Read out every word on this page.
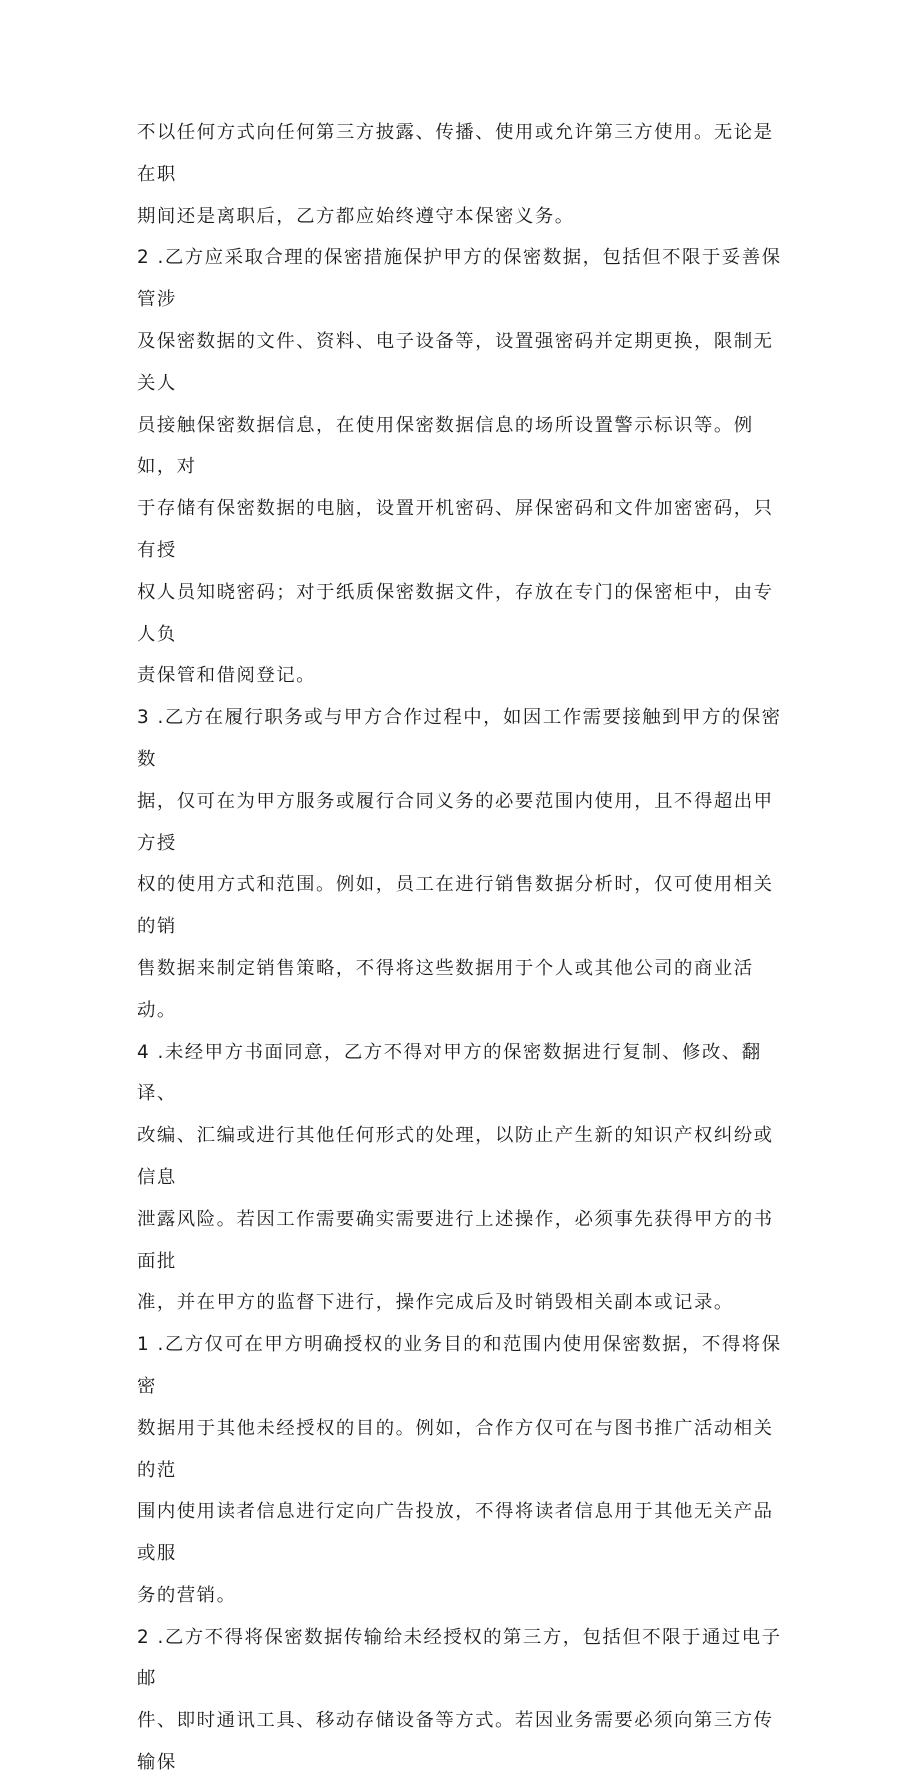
不以任何方式向任何第三方披露、传播、使用或允许第三方使用。无论是在职
期间还是离职后，乙方都应始终遵守本保密义务。

2 .乙方应采取合理的保密措施保护甲方的保密数据，包括但不限于妥善保管涉
及保密数据的文件、资料、电子设备等，设置强密码并定期更换，限制无关人
员接触保密数据信息，在使用保密数据信息的场所设置警示标识等。例如，对
于存储有保密数据的电脑，设置开机密码、屏保密码和文件加密密码，只有授
权人员知晓密码；对于纸质保密数据文件，存放在专门的保密柜中，由专人负
责保管和借阅登记。

3 .乙方在履行职务或与甲方合作过程中，如因工作需要接触到甲方的保密数
据，仅可在为甲方服务或履行合同义务的必要范围内使用，且不得超出甲方授
权的使用方式和范围。例如，员工在进行销售数据分析时，仅可使用相关的销
售数据来制定销售策略，不得将这些数据用于个人或其他公司的商业活动。

4 .未经甲方书面同意，乙方不得对甲方的保密数据进行复制、修改、翻译、
改编、汇编或进行其他任何形式的处理，以防止产生新的知识产权纠纷或信息
泄露风险。若因工作需要确实需要进行上述操作，必须事先获得甲方的书面批
准，并在甲方的监督下进行，操作完成后及时销毁相关副本或记录。

1 .乙方仅可在甲方明确授权的业务目的和范围内使用保密数据，不得将保密
数据用于其他未经授权的目的。例如，合作方仅可在与图书推广活动相关的范
围内使用读者信息进行定向广告投放，不得将读者信息用于其他无关产品或服
务的营销。

2 .乙方不得将保密数据传输给未经授权的第三方，包括但不限于通过电子邮
件、即时通讯工具、移动存储设备等方式。若因业务需要必须向第三方传输保
